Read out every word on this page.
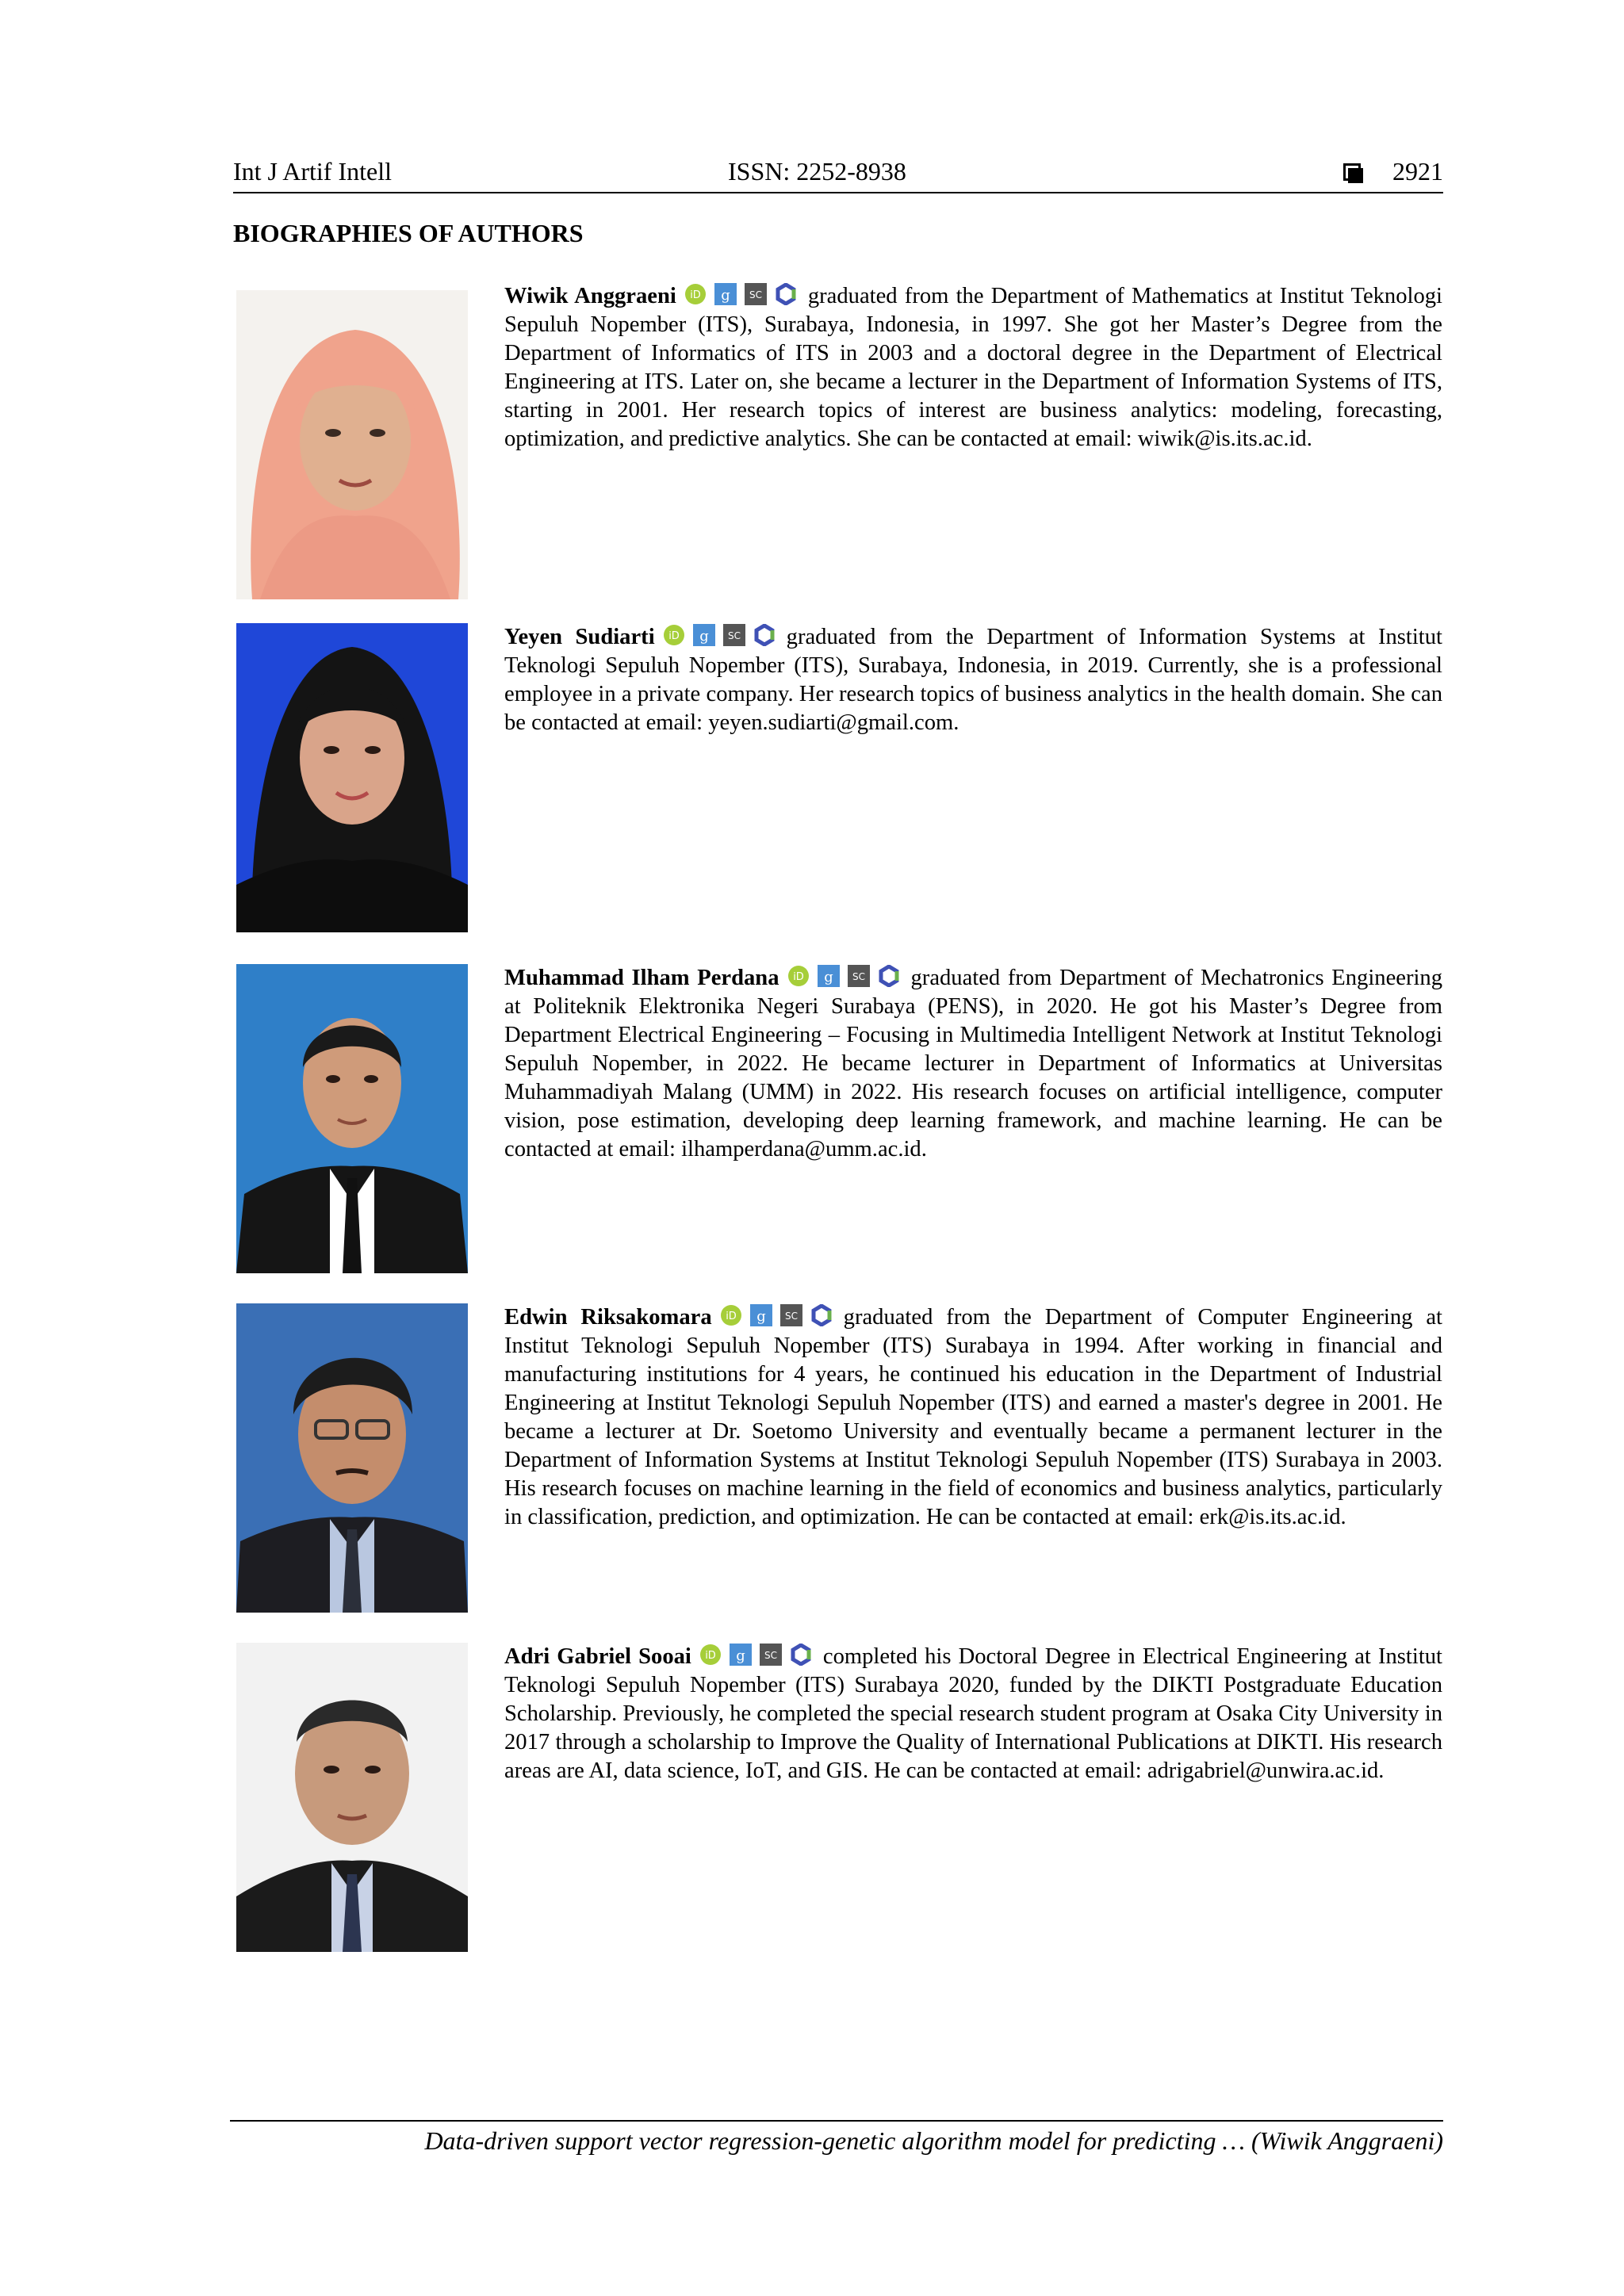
Int J Artif Intell	ISSN: 2252-8938	2921
BIOGRAPHIES OF AUTHORS
Wiwik Anggraeni iD g SC graduated from the Department of Mathematics at Institut Teknologi Sepuluh Nopember (ITS), Surabaya, Indonesia, in 1997. She got her Master’s Degree from the Department of Informatics of ITS in 2003 and a doctoral degree in the Department of Electrical Engineering at ITS. Later on, she became a lecturer in the Department of Information Systems of ITS, starting in 2001. Her research topics of interest are business analytics: modeling, forecasting, optimization, and predictive analytics. She can be contacted at email: wiwik@is.its.ac.id.
Yeyen Sudiarti iD g SC graduated from the Department of Information Systems at Institut Teknologi Sepuluh Nopember (ITS), Surabaya, Indonesia, in 2019. Currently, she is a professional employee in a private company. Her research topics of business analytics in the health domain. She can be contacted at email: yeyen.sudiarti@gmail.com.
Muhammad Ilham Perdana iD g SC graduated from Department of Mechatronics Engineering at Politeknik Elektronika Negeri Surabaya (PENS), in 2020. He got his Master’s Degree from Department Electrical Engineering – Focusing in Multimedia Intelligent Network at Institut Teknologi Sepuluh Nopember, in 2022. He became lecturer in Department of Informatics at Universitas Muhammadiyah Malang (UMM) in 2022. His research focuses on artificial intelligence, computer vision, pose estimation, developing deep learning framework, and machine learning. He can be contacted at email: ilhamperdana@umm.ac.id.
Edwin Riksakomara iD g SC graduated from the Department of Computer Engineering at Institut Teknologi Sepuluh Nopember (ITS) Surabaya in 1994. After working in financial and manufacturing institutions for 4 years, he continued his education in the Department of Industrial Engineering at Institut Teknologi Sepuluh Nopember (ITS) and earned a master's degree in 2001. He became a lecturer at Dr. Soetomo University and eventually became a permanent lecturer in the Department of Information Systems at Institut Teknologi Sepuluh Nopember (ITS) Surabaya in 2003. His research focuses on machine learning in the field of economics and business analytics, particularly in classification, prediction, and optimization. He can be contacted at email: erk@is.its.ac.id.
Adri Gabriel Sooai iD g SC completed his Doctoral Degree in Electrical Engineering at Institut Teknologi Sepuluh Nopember (ITS) Surabaya 2020, funded by the DIKTI Postgraduate Education Scholarship. Previously, he completed the special research student program at Osaka City University in 2017 through a scholarship to Improve the Quality of International Publications at DIKTI. His research areas are AI, data science, IoT, and GIS. He can be contacted at email: adrigabriel@unwira.ac.id.
Data-driven support vector regression-genetic algorithm model for predicting … (Wiwik Anggraeni)
